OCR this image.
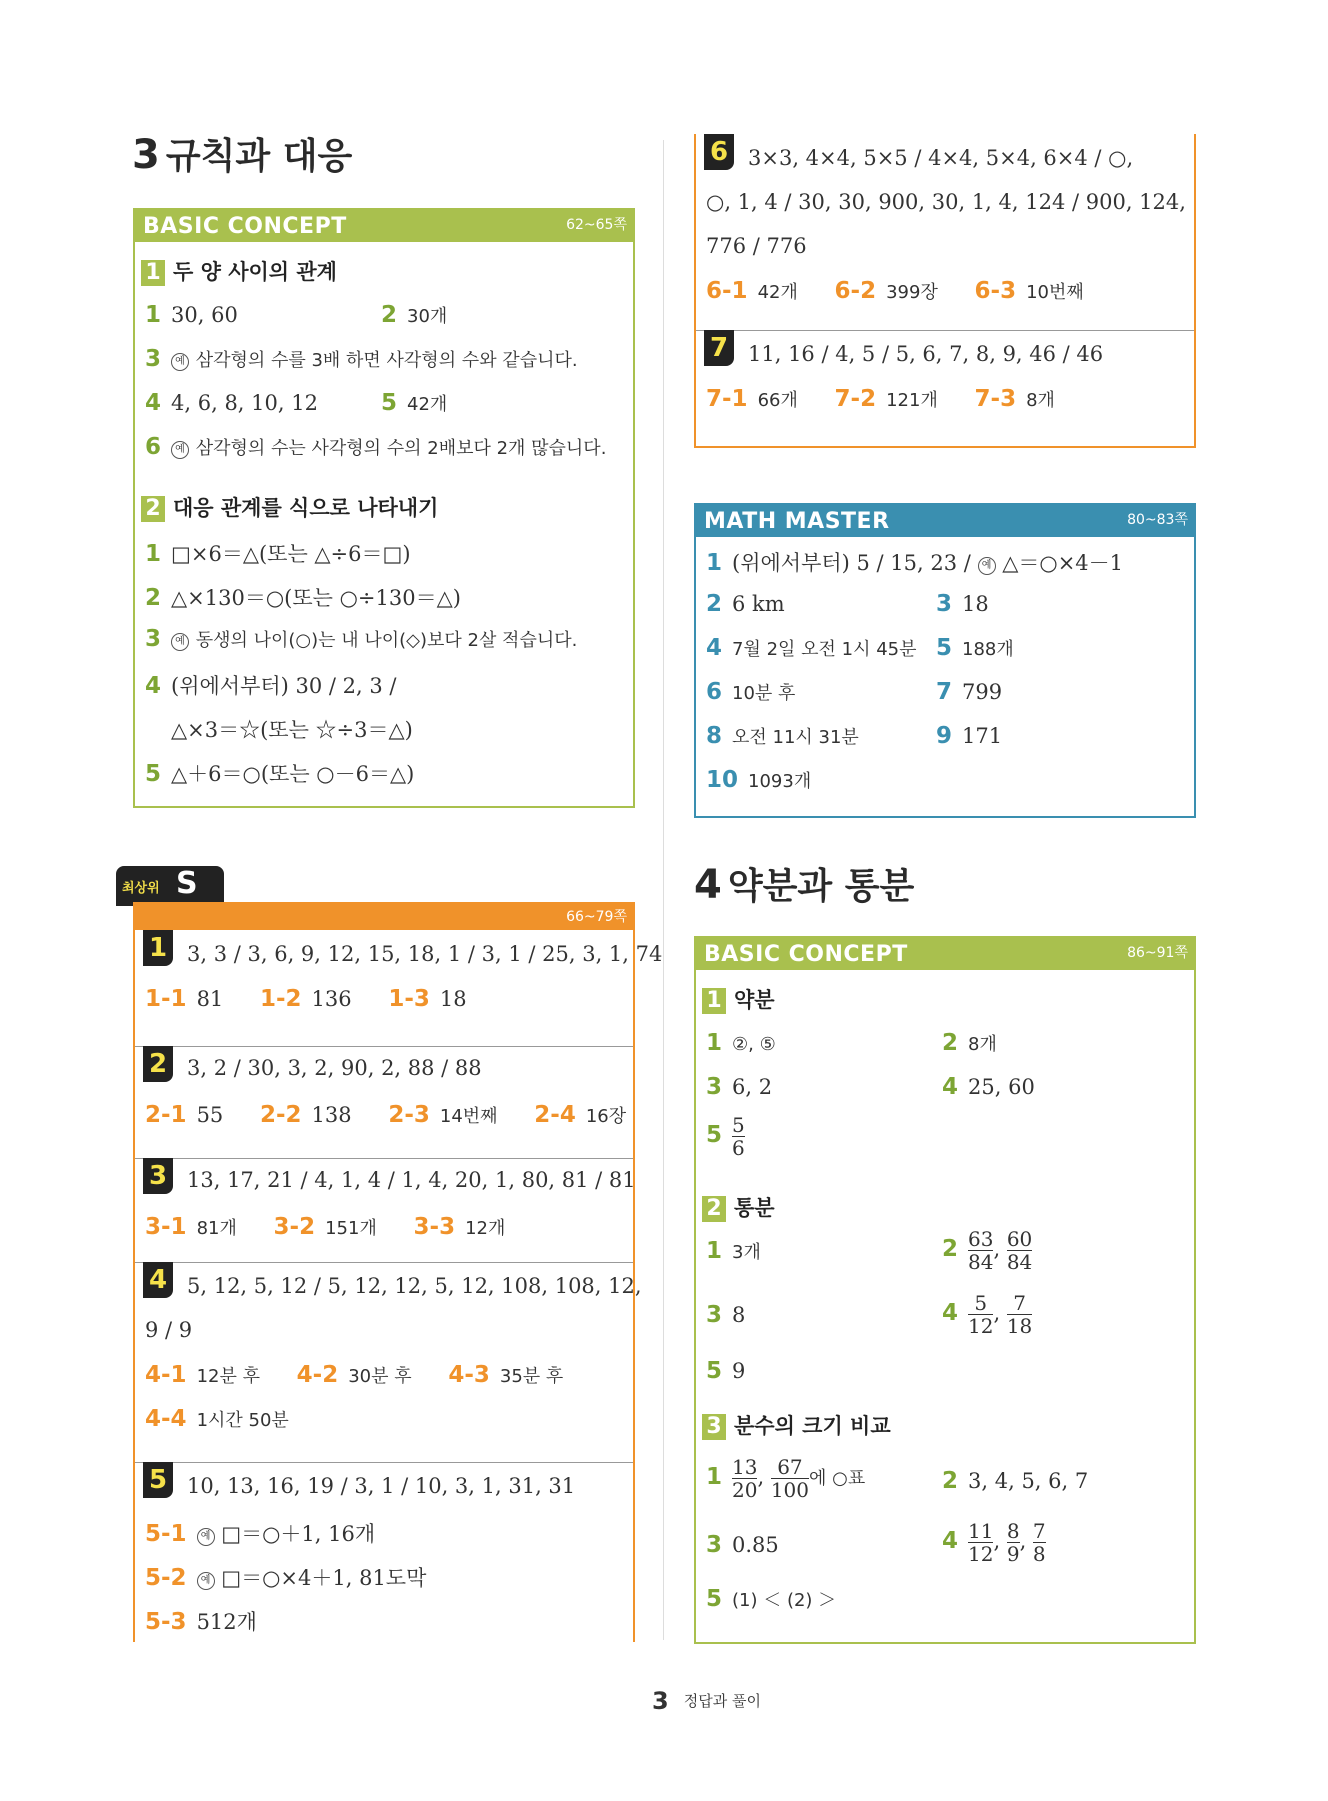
3 규칙과 대응
BASIC CONCEPT	62~65쪽
1 두 양 사이의 관계
1 30, 60	2 30개
3 예 삼각형의 수를 3배 하면 사각형의 수와 같습니다.
4 4, 6, 8, 10, 12	5 42개
6 예 삼각형의 수는 사각형의 수의 2배보다 2개 많습니다.
2 대응 관계를 식으로 나타내기
1 □×6＝△(또는 △÷6＝□)
2 △×130＝○(또는 ○÷130＝△)
3 예 동생의 나이(○)는 내 나이(◇)보다 2살 적습니다.
4 (위에서부터) 30 / 2, 3 /
△×3＝☆(또는 ☆÷3＝△)
5 △＋6＝○(또는 ○－6＝△)
최상위 S
66~79쪽
1 3, 3 / 3, 6, 9, 12, 15, 18, 1 / 3, 1 / 25, 3, 1, 74
1-1 81 1-2 136 1-3 18
2 3, 2 / 30, 3, 2, 90, 2, 88 / 88
2-1 55 2-2 138 2-3 14번째 2-4 16장
3 13, 17, 21 / 4, 1, 4 / 1, 4, 20, 1, 80, 81 / 81
3-1 81개 3-2 151개 3-3 12개
4 5, 12, 5, 12 / 5, 12, 12, 5, 12, 108, 108, 12,
9 / 9
4-1 12분 후 4-2 30분 후 4-3 35분 후
4-4 1시간 50분
5 10, 13, 16, 19 / 3, 1 / 10, 3, 1, 31, 31
5-1 예 □＝○＋1, 16개
5-2 예 □＝○×4＋1, 81도막
5-3 512개
6 3×3, 4×4, 5×5 / 4×4, 5×4, 6×4 / ○,
○, 1, 4 / 30, 30, 900, 30, 1, 4, 124 / 900, 124,
776 / 776
6-1 42개 6-2 399장 6-3 10번째
7 11, 16 / 4, 5 / 5, 6, 7, 8, 9, 46 / 46
7-1 66개 7-2 121개 7-3 8개
MATH MASTER	80~83쪽
1 (위에서부터) 5 / 15, 23 / 예 △＝○×4－1
2 6 km	3 18
4 7월 2일 오전 1시 45분 5 188개
6 10분 후	7 799
8 오전 11시 31분	9 171
10 1093개
4 약분과 통분
BASIC CONCEPT	86~91쪽
1 약분
1 ②, ⑤	2 8개
3 6, 2	4 25, 60
$5 \frac{5}{6}$
2 통분
1 3개	$2 \frac{63}{84}$ , $\frac{60}{84}$
3 8	$4 \frac{5}{12}$ , $\frac{7}{18}$
5 9
3 분수의 크기 비교
$1 \frac{13}{20}$ , $\frac{67}{100}$ 에 ○표	2 3, 4, 5, 6, 7
3 0.85	$4 \frac{11}{12}$ , $\frac{8}{9}$ , $\frac{7}{8}$
5 (1) ＜ (2) ＞
3 정답과 풀이
